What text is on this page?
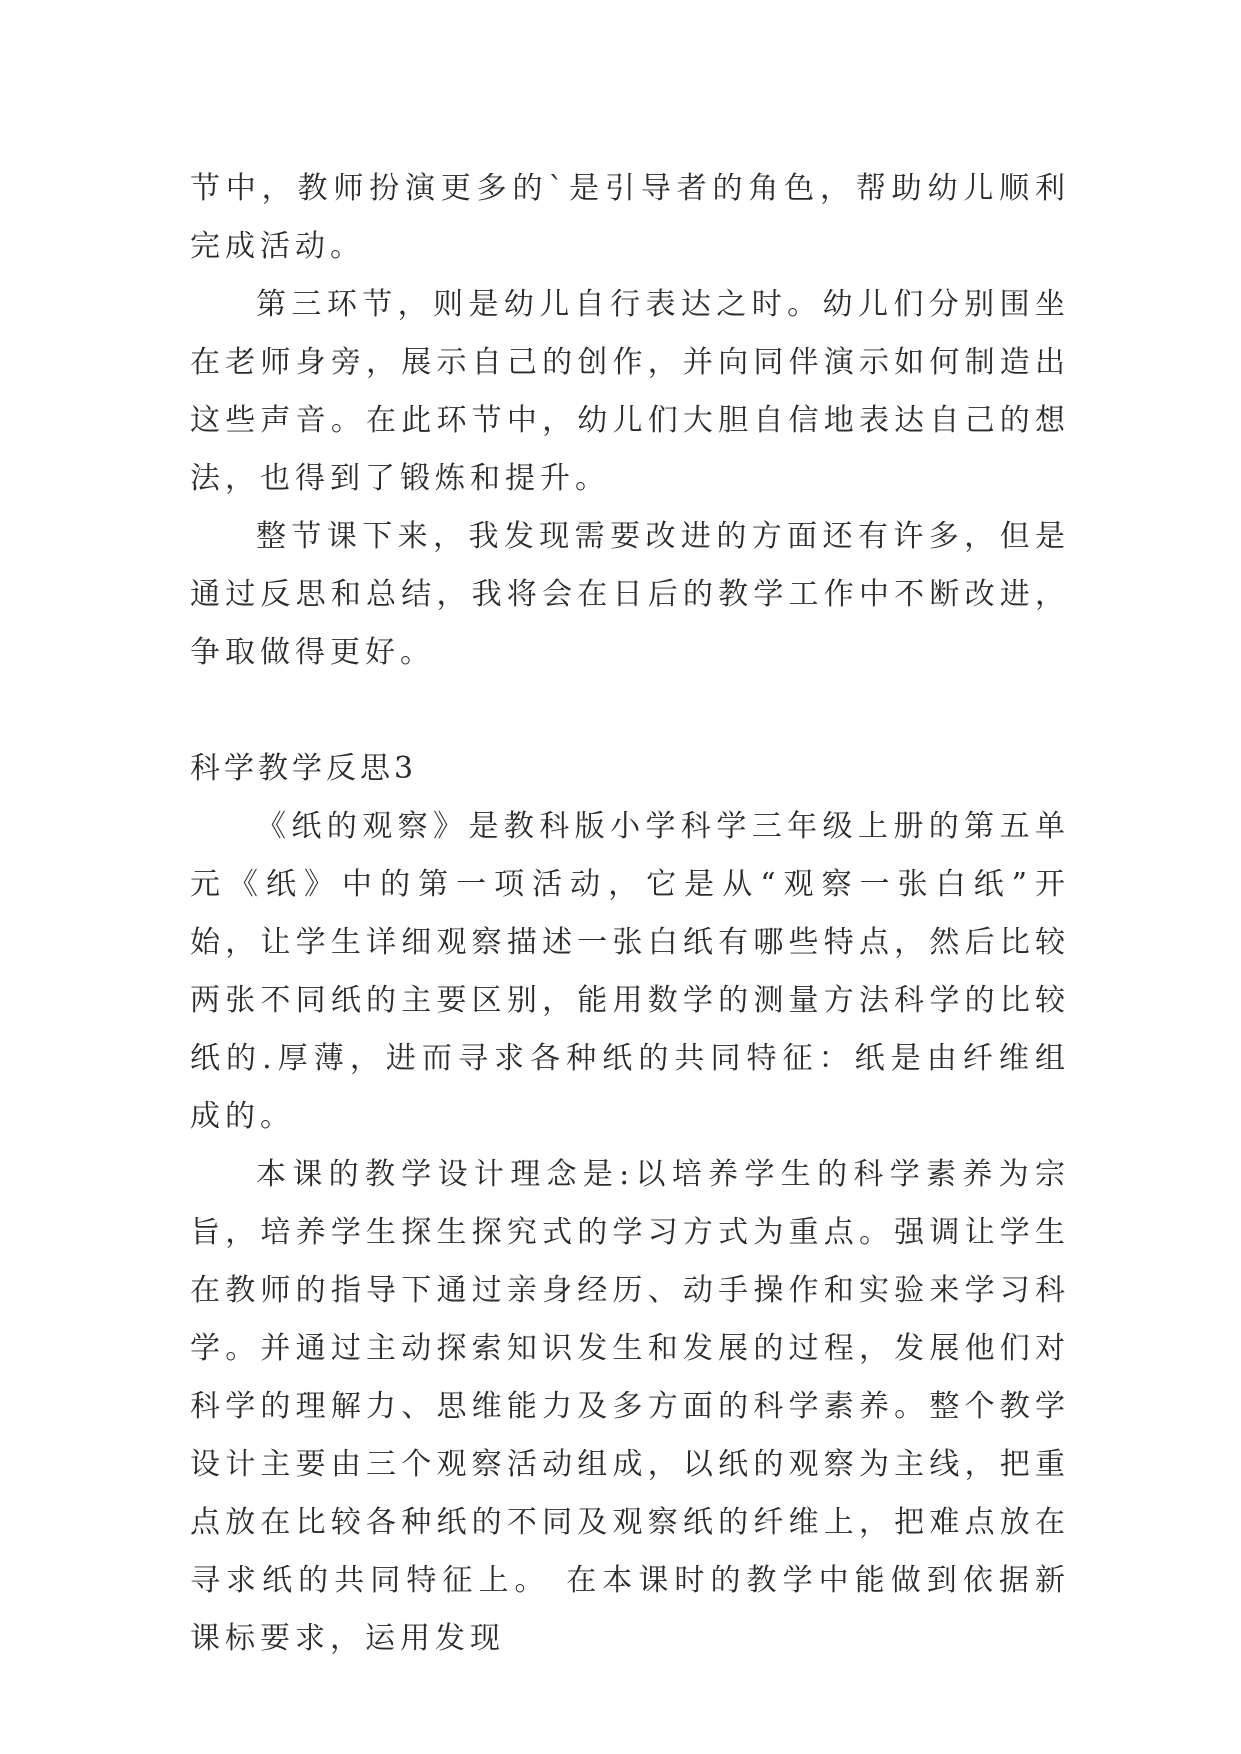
节中，教师扮演更多的`是引导者的角色，帮助幼儿顺利完成活动。

第三环节，则是幼儿自行表达之时。幼儿们分别围坐在老师身旁，展示自己的创作，并向同伴演示如何制造出这些声音。在此环节中，幼儿们大胆自信地表达自己的想法，也得到了锻炼和提升。

整节课下来，我发现需要改进的方面还有许多，但是通过反思和总结，我将会在日后的教学工作中不断改进，争取做得更好。

科学教学反思3

《纸的观察》是教科版小学科学三年级上册的第五单元《纸》中的第一项活动，它是从“观察一张白纸”开始，让学生详细观察描述一张白纸有哪些特点，然后比较两张不同纸的主要区别，能用数学的测量方法科学的比较纸的.厚薄，进而寻求各种纸的共同特征：纸是由纤维组成的。

本课的教学设计理念是:以培养学生的科学素养为宗旨，培养学生探生探究式的学习方式为重点。强调让学生在教师的指导下通过亲身经历、动手操作和实验来学习科学。并通过主动探索知识发生和发展的过程，发展他们对科学的理解力、思维能力及多方面的科学素养。整个教学设计主要由三个观察活动组成，以纸的观察为主线，把重点放在比较各种纸的不同及观察纸的纤维上，把难点放在寻求纸的共同特征上。 在本课时的教学中能做到依据新课标要求，运用发现
